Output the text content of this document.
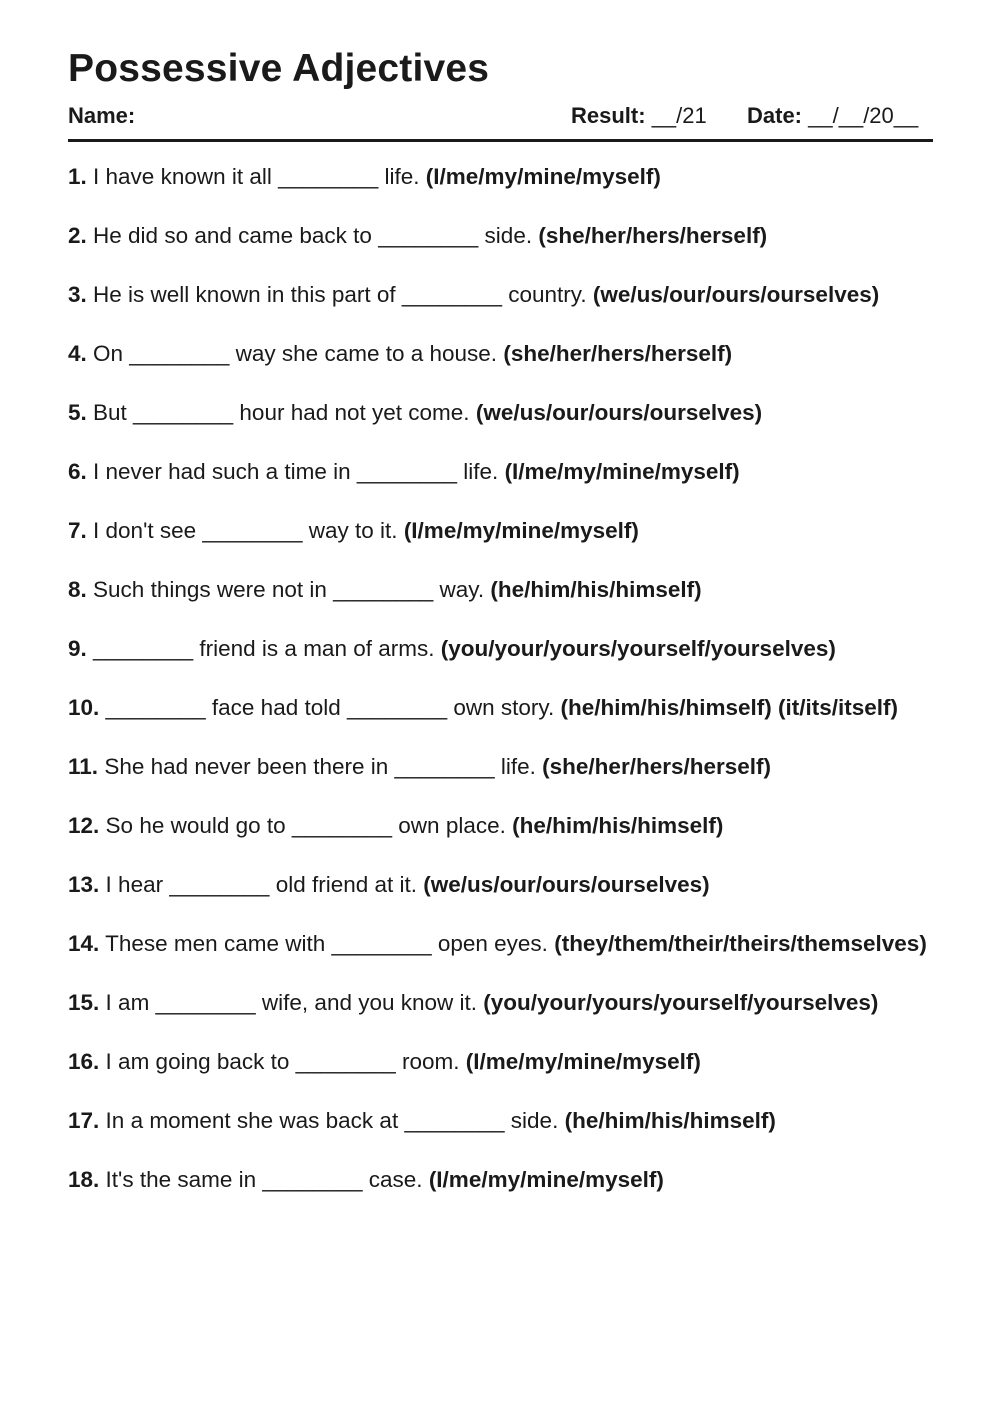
Possessive Adjectives
Name:	Result: __/21 Date: __/__/20__
1. I have known it all ________ life. (I/me/my/mine/myself)
2. He did so and came back to ________ side. (she/her/hers/herself)
3. He is well known in this part of ________ country. (we/us/our/ours/ourselves)
4. On ________ way she came to a house. (she/her/hers/herself)
5. But ________ hour had not yet come. (we/us/our/ours/ourselves)
6. I never had such a time in ________ life. (I/me/my/mine/myself)
7. I don't see ________ way to it. (I/me/my/mine/myself)
8. Such things were not in ________ way. (he/him/his/himself)
9. ________ friend is a man of arms. (you/your/yours/yourself/yourselves)
10. ________ face had told ________ own story. (he/him/his/himself) (it/its/itself)
11. She had never been there in ________ life. (she/her/hers/herself)
12. So he would go to ________ own place. (he/him/his/himself)
13. I hear ________ old friend at it. (we/us/our/ours/ourselves)
14. These men came with ________ open eyes. (they/them/their/theirs/themselves)
15. I am ________ wife, and you know it. (you/your/yours/yourself/yourselves)
16. I am going back to ________ room. (I/me/my/mine/myself)
17. In a moment she was back at ________ side. (he/him/his/himself)
18. It's the same in ________ case. (I/me/my/mine/myself)
